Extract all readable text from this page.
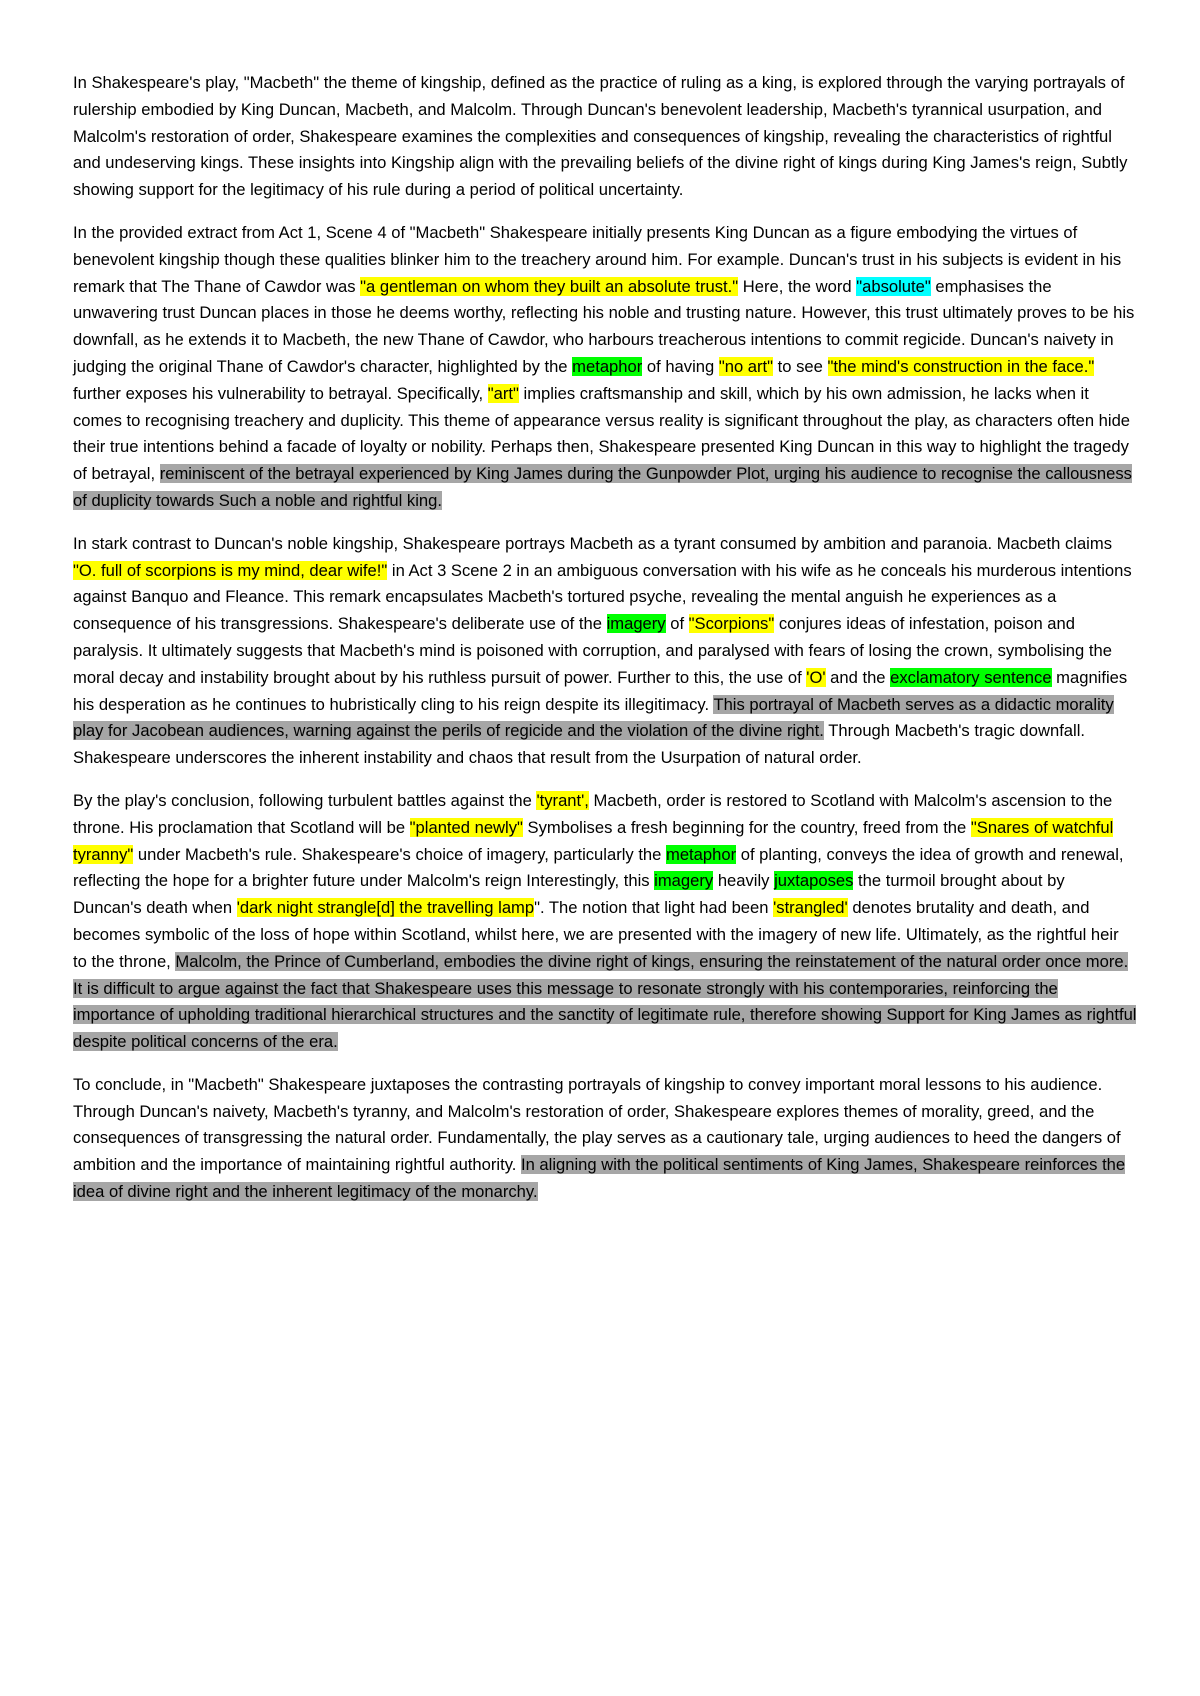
In Shakespeare's play, "Macbeth" the theme of kingship, defined as the practice of ruling as a king, is explored through the varying portrayals of rulership embodied by King Duncan, Macbeth, and Malcolm. Through Duncan's benevolent leadership, Macbeth's tyrannical usurpation, and Malcolm's restoration of order, Shakespeare examines the complexities and consequences of kingship, revealing the characteristics of rightful and undeserving kings. These insights into Kingship align with the prevailing beliefs of the divine right of kings during King James's reign, Subtly showing support for the legitimacy of his rule during a period of political uncertainty.

In the provided extract from Act 1, Scene 4 of "Macbeth" Shakespeare initially presents King Duncan as a figure embodying the virtues of benevolent kingship though these qualities blinker him to the treachery around him. For example. Duncan's trust in his subjects is evident in his remark that The Thane of Cawdor was "a gentleman on whom they built an absolute trust." Here, the word "absolute" emphasises the unwavering trust Duncan places in those he deems worthy, reflecting his noble and trusting nature. However, this trust ultimately proves to be his downfall, as he extends it to Macbeth, the new Thane of Cawdor, who harbours treacherous intentions to commit regicide. Duncan's naivety in judging the original Thane of Cawdor's character, highlighted by the metaphor of having "no art" to see "the mind's construction in the face." further exposes his vulnerability to betrayal. Specifically, "art" implies craftsmanship and skill, which by his own admission, he lacks when it comes to recognising treachery and duplicity. This theme of appearance versus reality is significant throughout the play, as characters often hide their true intentions behind a facade of loyalty or nobility. Perhaps then, Shakespeare presented King Duncan in this way to highlight the tragedy of betrayal, reminiscent of the betrayal experienced by King James during the Gunpowder Plot, urging his audience to recognise the callousness of duplicity towards Such a noble and rightful king.

In stark contrast to Duncan's noble kingship, Shakespeare portrays Macbeth as a tyrant consumed by ambition and paranoia. Macbeth claims "O. full of scorpions is my mind, dear wife!" in Act 3 Scene 2 in an ambiguous conversation with his wife as he conceals his murderous intentions against Banquo and Fleance. This remark encapsulates Macbeth's tortured psyche, revealing the mental anguish he experiences as a consequence of his transgressions. Shakespeare's deliberate use of the imagery of "Scorpions" conjures ideas of infestation, poison and paralysis. It ultimately suggests that Macbeth's mind is poisoned with corruption, and paralysed with fears of losing the crown, symbolising the moral decay and instability brought about by his ruthless pursuit of power. Further to this, the use of 'O' and the exclamatory sentence magnifies his desperation as he continues to hubristically cling to his reign despite its illegitimacy. This portrayal of Macbeth serves as a didactic morality play for Jacobean audiences, warning against the perils of regicide and the violation of the divine right. Through Macbeth's tragic downfall. Shakespeare underscores the inherent instability and chaos that result from the Usurpation of natural order.

By the play's conclusion, following turbulent battles against the 'tyrant', Macbeth, order is restored to Scotland with Malcolm's ascension to the throne. His proclamation that Scotland will be "planted newly" Symbolises a fresh beginning for the country, freed from the "Snares of watchful tyranny" under Macbeth's rule. Shakespeare's choice of imagery, particularly the metaphor of planting, conveys the idea of growth and renewal, reflecting the hope for a brighter future under Malcolm's reign Interestingly, this imagery heavily juxtaposes the turmoil brought about by Duncan's death when 'dark night strangle[d] the travelling lamp". The notion that light had been 'strangled' denotes brutality and death, and becomes symbolic of the loss of hope within Scotland, whilst here, we are presented with the imagery of new life. Ultimately, as the rightful heir to the throne, Malcolm, the Prince of Cumberland, embodies the divine right of kings, ensuring the reinstatement of the natural order once more. It is difficult to argue against the fact that Shakespeare uses this message to resonate strongly with his contemporaries, reinforcing the importance of upholding traditional hierarchical structures and the sanctity of legitimate rule, therefore showing Support for King James as rightful despite political concerns of the era.

To conclude, in "Macbeth" Shakespeare juxtaposes the contrasting portrayals of kingship to convey important moral lessons to his audience. Through Duncan's naivety, Macbeth's tyranny, and Malcolm's restoration of order, Shakespeare explores themes of morality, greed, and the consequences of transgressing the natural order. Fundamentally, the play serves as a cautionary tale, urging audiences to heed the dangers of ambition and the importance of maintaining rightful authority. In aligning with the political sentiments of King James, Shakespeare reinforces the idea of divine right and the inherent legitimacy of the monarchy.
